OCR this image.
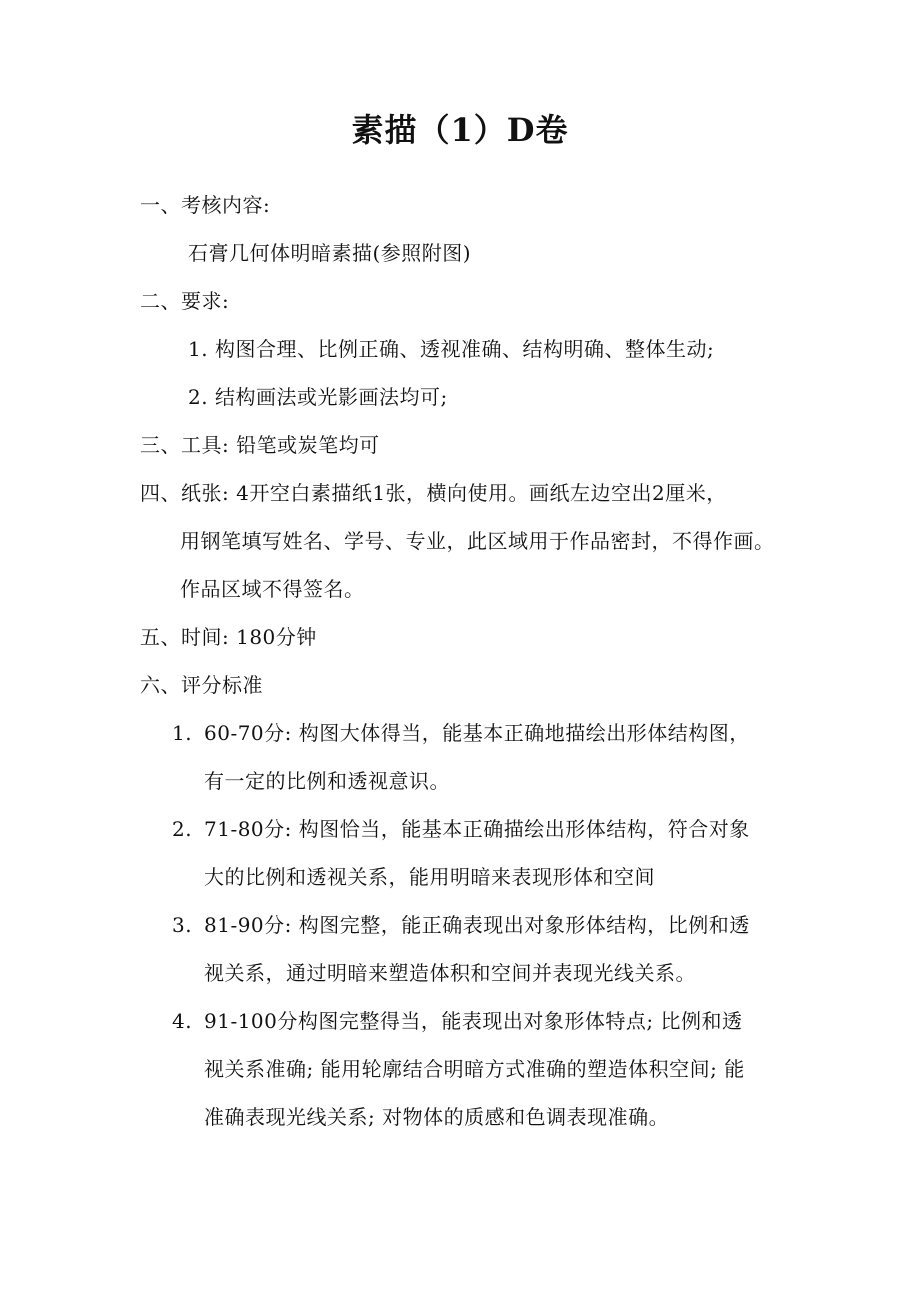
素描（1）D卷
一、考核内容:
石膏几何体明暗素描(参照附图)
二、要求:
1. 构图合理、比例正确、透视准确、结构明确、整体生动;
2. 结构画法或光影画法均可;
三、工具: 铅笔或炭笔均可
四、纸张: 4开空白素描纸1张，横向使用。画纸左边空出2厘米，
用钢笔填写姓名、学号、专业，此区域用于作品密封，不得作画。
作品区域不得签名。
五、时间: 180分钟
六、评分标准
1. 60-70分: 构图大体得当，能基本正确地描绘出形体结构图，
有一定的比例和透视意识。
2. 71-80分: 构图恰当，能基本正确描绘出形体结构，符合对象
大的比例和透视关系，能用明暗来表现形体和空间
3. 81-90分: 构图完整，能正确表现出对象形体结构，比例和透
视关系，通过明暗来塑造体积和空间并表现光线关系。
4. 91-100分构图完整得当，能表现出对象形体特点; 比例和透
视关系准确; 能用轮廓结合明暗方式准确的塑造体积空间; 能
准确表现光线关系; 对物体的质感和色调表现准确。
